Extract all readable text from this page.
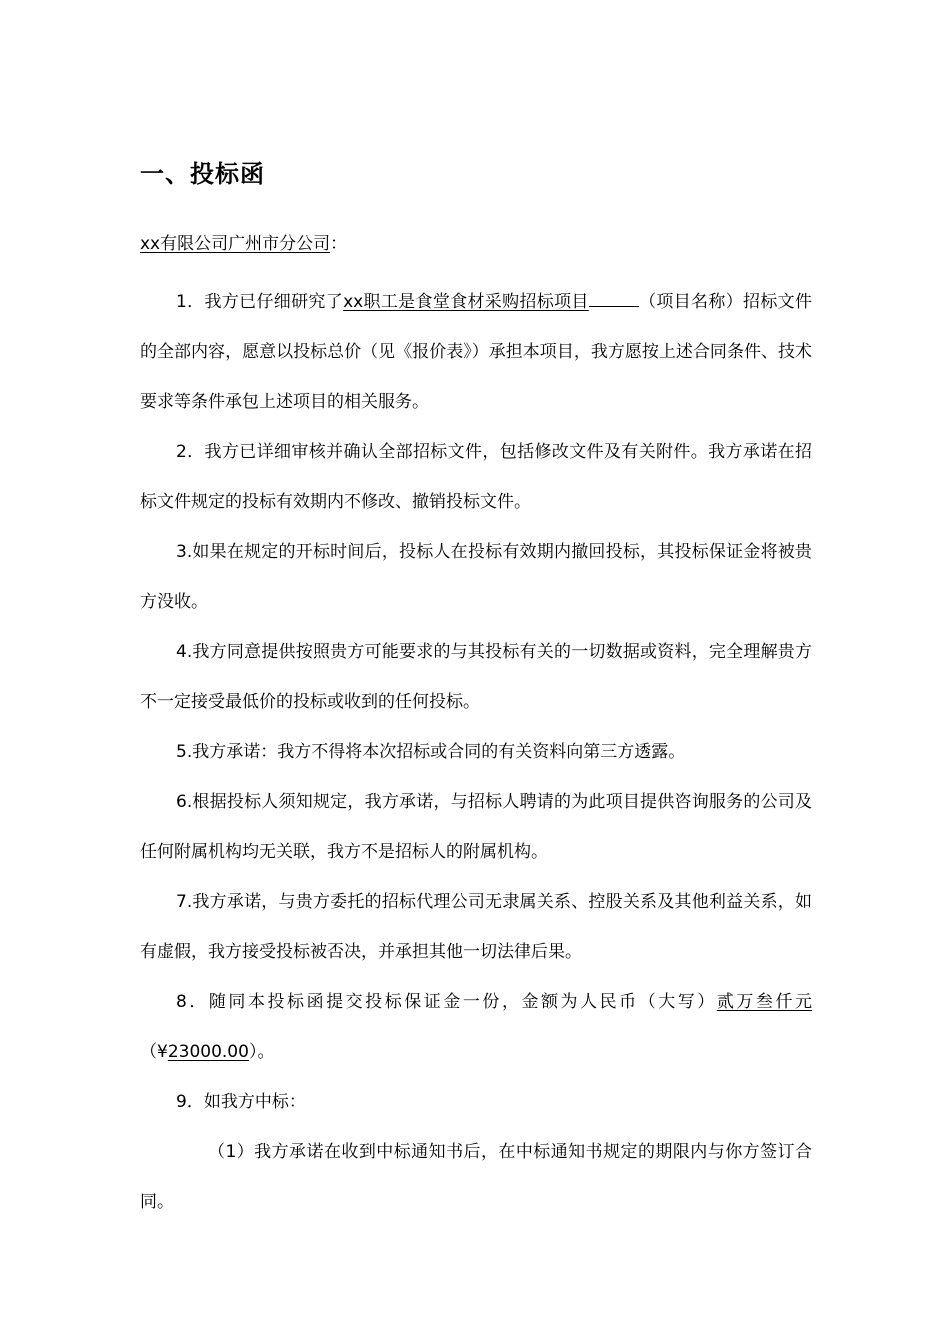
一、投标函
xx有限公司广州市分公司：

1．我方已仔细研究了xx职工是食堂食材采购招标项目	（项目名称）招标文件的全部内容，愿意以投标总价（见《报价表》）承担本项目，我方愿按上述合同条件、技术要求等条件承包上述项目的相关服务。

2．我方已详细审核并确认全部招标文件，包括修改文件及有关附件。我方承诺在招标文件规定的投标有效期内不修改、撤销投标文件。

3.如果在规定的开标时间后，投标人在投标有效期内撤回投标，其投标保证金将被贵方没收。

4.我方同意提供按照贵方可能要求的与其投标有关的一切数据或资料，完全理解贵方不一定接受最低价的投标或收到的任何投标。

5.我方承诺：我方不得将本次招标或合同的有关资料向第三方透露。

6.根据投标人须知规定，我方承诺，与招标人聘请的为此项目提供咨询服务的公司及任何附属机构均无关联，我方不是招标人的附属机构。

7.我方承诺，与贵方委托的招标代理公司无隶属关系、控股关系及其他利益关系，如有虚假，我方接受投标被否决，并承担其他一切法律后果。

8．随同本投标函提交投标保证金一份，金额为人民币（大写）贰万叁仟元（¥23000.00）。

9．如我方中标：

（1）我方承诺在收到中标通知书后，在中标通知书规定的期限内与你方签订合同。
